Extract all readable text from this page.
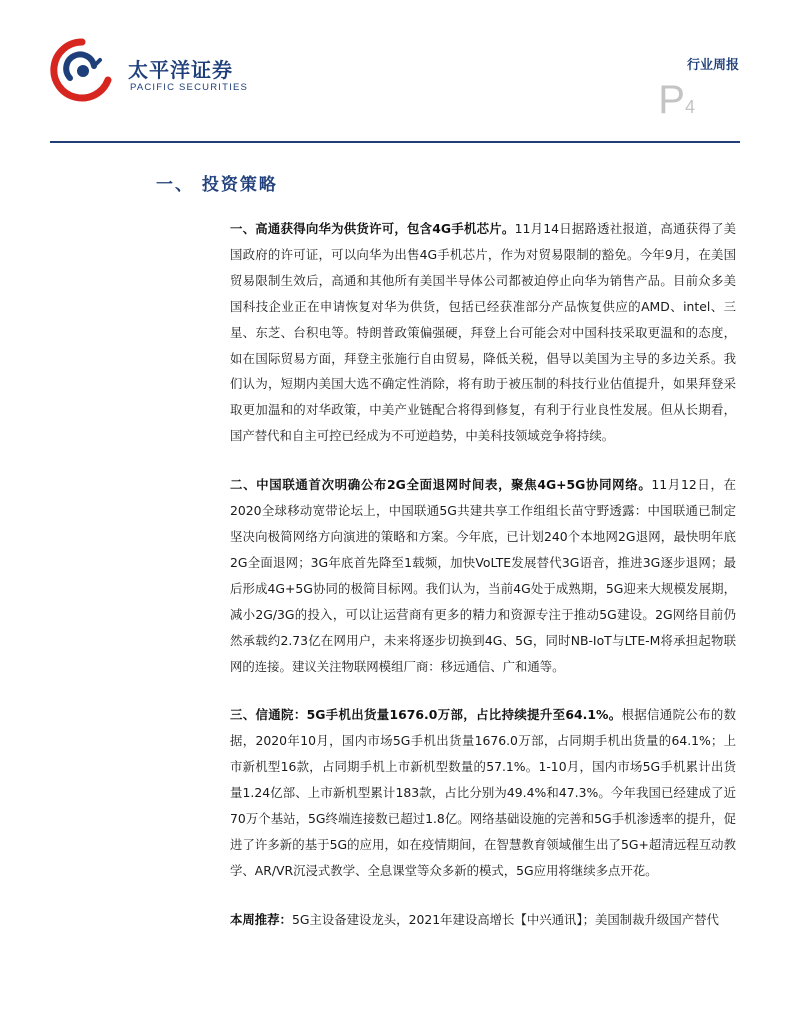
太平洋证券
PACIFIC SECURITIES
行业周报
P4
一、 投资策略

一、高通获得向华为供货许可，包含4G手机芯片。11月14日据路透社报道，高通获得了美国政府的许可证，可以向华为出售4G手机芯片，作为对贸易限制的豁免。今年9月，在美国贸易限制生效后，高通和其他所有美国半导体公司都被迫停止向华为销售产品。目前众多美国科技企业正在申请恢复对华为供货，包括已经获准部分产品恢复供应的AMD、intel、三星、东芝、台积电等。特朗普政策偏强硬，拜登上台可能会对中国科技采取更温和的态度，如在国际贸易方面，拜登主张施行自由贸易，降低关税，倡导以美国为主导的多边关系。我们认为，短期内美国大选不确定性消除，将有助于被压制的科技行业估值提升，如果拜登采取更加温和的对华政策，中美产业链配合将得到修复，有利于行业良性发展。但从长期看，国产替代和自主可控已经成为不可逆趋势，中美科技领域竞争将持续。

二、中国联通首次明确公布2G全面退网时间表，聚焦4G+5G协同网络。11月12日，在2020全球移动宽带论坛上，中国联通5G共建共享工作组组长苗守野透露：中国联通已制定坚决向极简网络方向演进的策略和方案。今年底，已计划240个本地网2G退网，最快明年底2G全面退网；3G年底首先降至1载频，加快VoLTE发展替代3G语音，推进3G逐步退网；最后形成4G+5G协同的极简目标网。我们认为，当前4G处于成熟期，5G迎来大规模发展期，减小2G/3G的投入，可以让运营商有更多的精力和资源专注于推动5G建设。2G网络目前仍然承载约2.73亿在网用户，未来将逐步切换到4G、5G，同时NB-IoT与LTE-M将承担起物联网的连接。建议关注物联网模组厂商：移远通信、广和通等。

三、信通院：5G手机出货量1676.0万部，占比持续提升至64.1%。根据信通院公布的数据，2020年10月，国内市场5G手机出货量1676.0万部，占同期手机出货量的64.1%；上市新机型16款，占同期手机上市新机型数量的57.1%。1-10月，国内市场5G手机累计出货量1.24亿部、上市新机型累计183款，占比分别为49.4%和47.3%。今年我国已经建成了近70万个基站，5G终端连接数已超过1.8亿。网络基础设施的完善和5G手机渗透率的提升，促进了许多新的基于5G的应用，如在疫情期间，在智慧教育领域催生出了5G+超清远程互动教学、AR/VR沉浸式教学、全息课堂等众多新的模式，5G应用将继续多点开花。

本周推荐：5G主设备建设龙头，2021年建设高增长【中兴通讯】；美国制裁升级国产替代
